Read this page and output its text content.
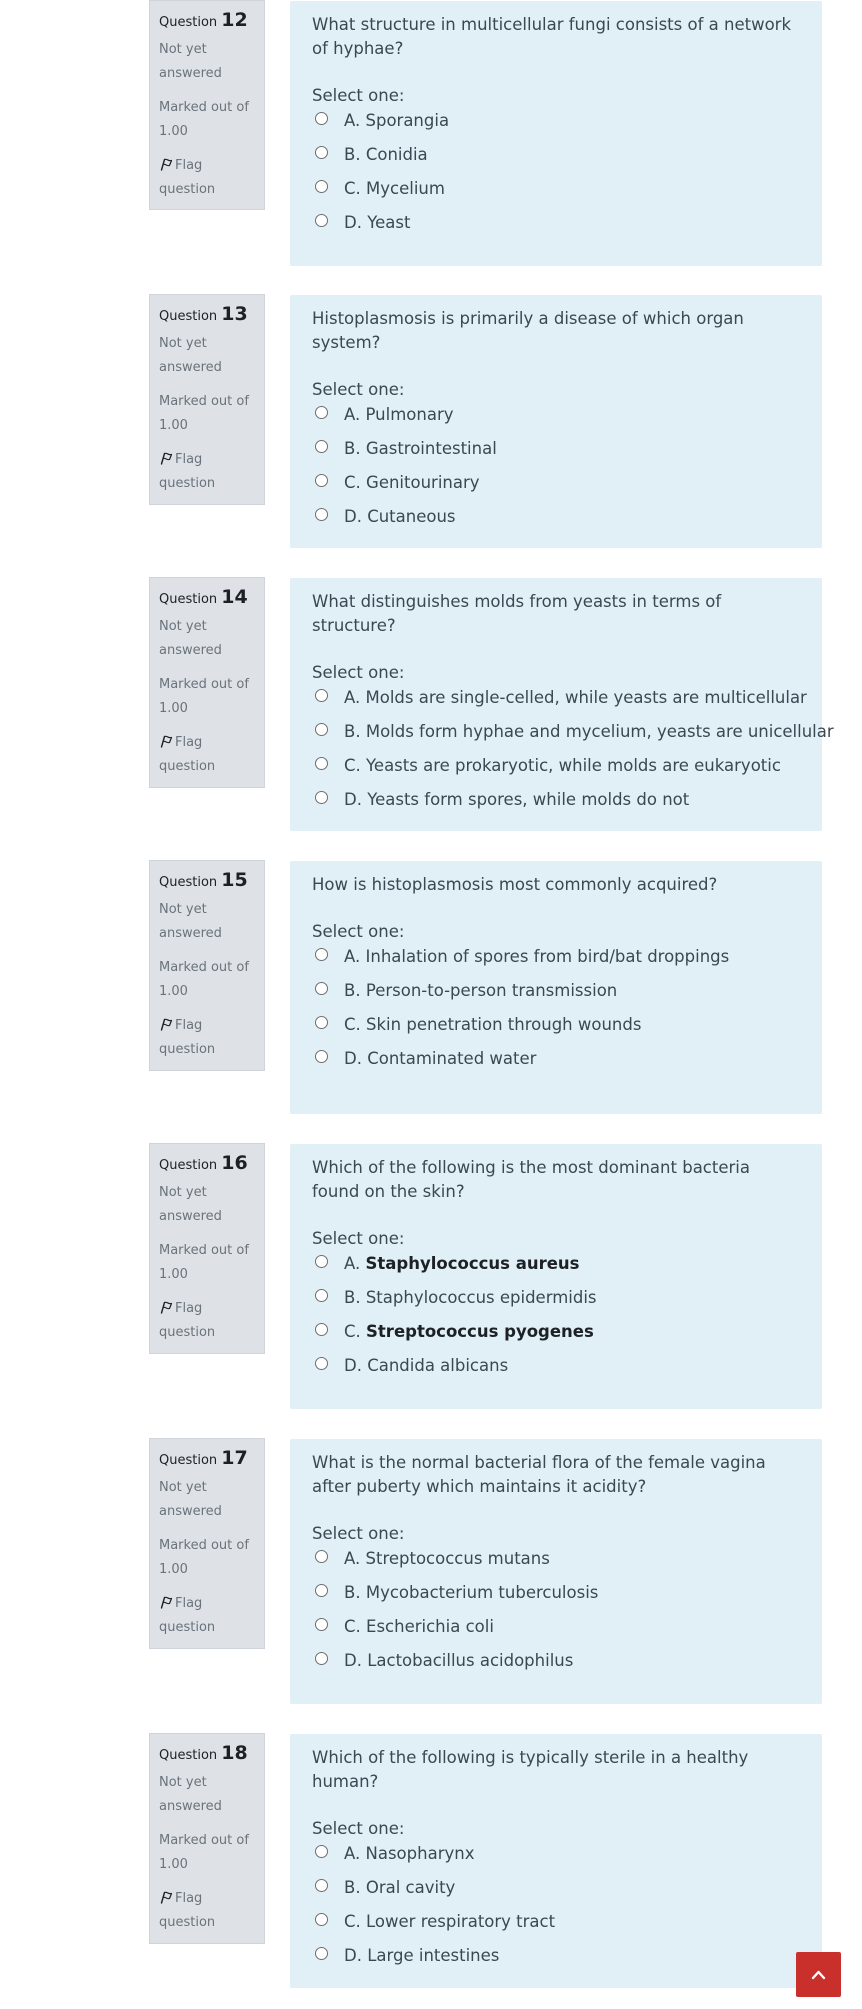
Question 12
Not yet answered
Marked out of 1.00
Flag question
What structure in multicellular fungi consists of a network of hyphae?
Select one:
A. Sporangia
B. Conidia
C. Mycelium
D. Yeast
Question 13
Not yet answered
Marked out of 1.00
Flag question
Histoplasmosis is primarily a disease of which organ system?
Select one:
A. Pulmonary
B. Gastrointestinal
C. Genitourinary
D. Cutaneous
Question 14
Not yet answered
Marked out of 1.00
Flag question
What distinguishes molds from yeasts in terms of structure?
Select one:
A. Molds are single-celled, while yeasts are multicellular
B. Molds form hyphae and mycelium, yeasts are unicellular
C. Yeasts are prokaryotic, while molds are eukaryotic
D. Yeasts form spores, while molds do not
Question 15
Not yet answered
Marked out of 1.00
Flag question
How is histoplasmosis most commonly acquired?
Select one:
A. Inhalation of spores from bird/bat droppings
B. Person-to-person transmission
C. Skin penetration through wounds
D. Contaminated water
Question 16
Not yet answered
Marked out of 1.00
Flag question
Which of the following is the most dominant bacteria found on the skin?
Select one:
A. Staphylococcus aureus
B. Staphylococcus epidermidis
C. Streptococcus pyogenes
D. Candida albicans
Question 17
Not yet answered
Marked out of 1.00
Flag question
What is the normal bacterial flora of the female vagina after puberty which maintains it acidity?
Select one:
A. Streptococcus mutans
B. Mycobacterium tuberculosis
C. Escherichia coli
D. Lactobacillus acidophilus
Question 18
Not yet answered
Marked out of 1.00
Flag question
Which of the following is typically sterile in a healthy human?
Select one:
A. Nasopharynx
B. Oral cavity
C. Lower respiratory tract
D. Large intestines
